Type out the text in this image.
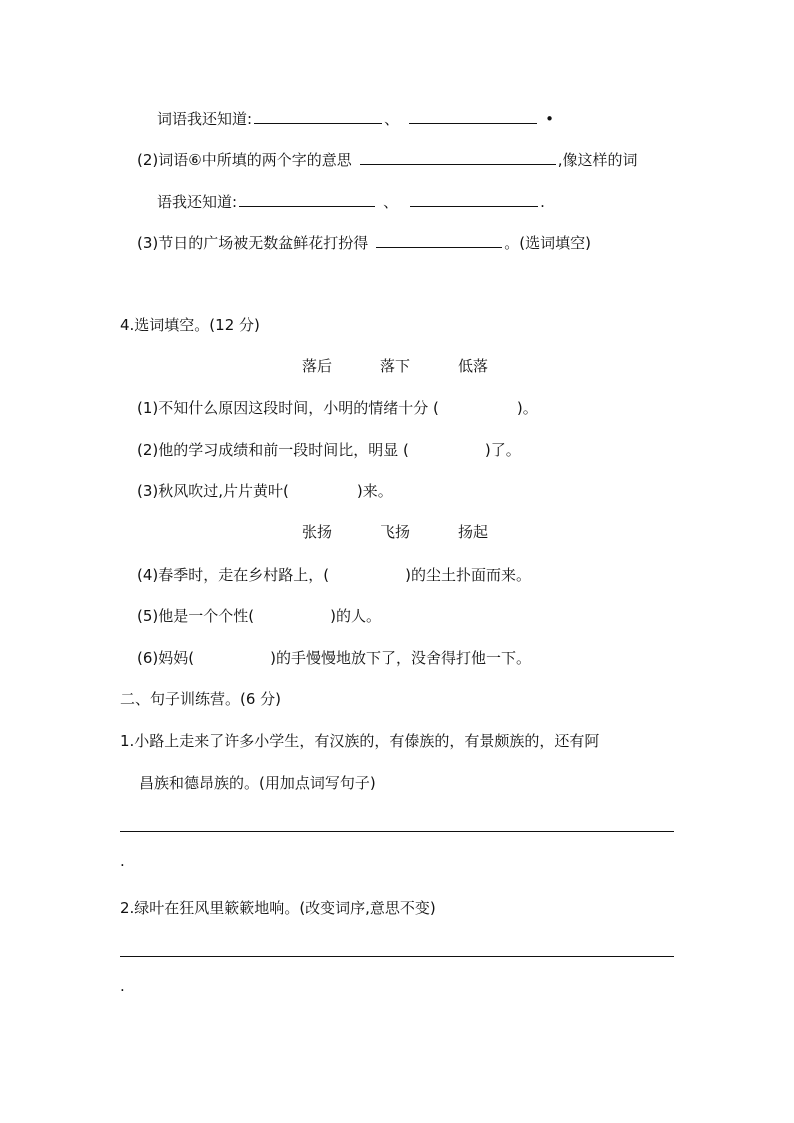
词语我还知道:	、	•
(2)词语⑥中所填的两个字的意思	,像这样的词
语我还知道:	、	.
(3)节日的广场被无数盆鲜花打扮得	。(选词填空)
4.选词填空。(12 分)
落后	落下	低落
(1)不知什么原因这段时间，小明的情绪十分 (	)。
(2)他的学习成绩和前一段时间比，明显 (	)了。
(3)秋风吹过,片片黄叶(	)来。
张扬	飞扬	扬起
(4)春季时，走在乡村路上，(	)的尘土扑面而来。
(5)他是一个个性(	)的人。
(6)妈妈(	)的手慢慢地放下了，没舍得打他一下。
二、句子训练营。(6 分)
1.小路上走来了许多小学生，有汉族的，有傣族的，有景颇族的，还有阿
昌族和德昂族的。(用加点词写句子)
.
2.绿叶在狂风里簌簌地响。(改变词序,意思不变)
.
